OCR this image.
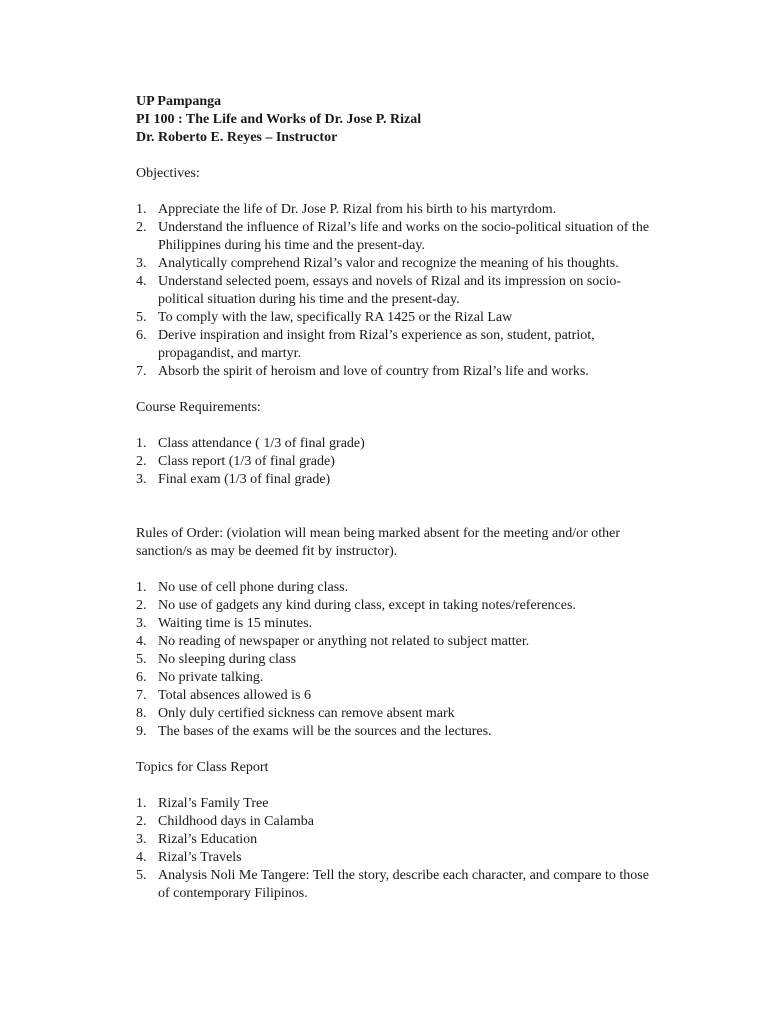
UP Pampanga
PI 100 : The Life and Works of Dr. Jose P. Rizal
Dr. Roberto E. Reyes – Instructor
Objectives:
1. Appreciate the life of Dr. Jose P. Rizal from his birth to his martyrdom.
2. Understand the influence of Rizal’s life and works on the socio-political situation of the Philippines during his time and the present-day.
3. Analytically comprehend Rizal’s valor and recognize the meaning of his thoughts.
4. Understand selected poem, essays and novels of Rizal and its impression on socio-political situation during his time and the present-day.
5. To comply with the law, specifically RA 1425 or the Rizal Law
6. Derive inspiration and insight from Rizal’s experience as son, student, patriot, propagandist, and martyr.
7. Absorb the spirit of heroism and love of country from Rizal’s life and works.
Course Requirements:
1. Class attendance ( 1/3 of final grade)
2. Class report (1/3 of final grade)
3. Final exam (1/3 of final grade)
Rules of Order: (violation will mean being marked absent for the meeting and/or other sanction/s as may be deemed fit by instructor).
1. No use of cell phone during class.
2. No use of gadgets any kind during class, except in taking notes/references.
3. Waiting time is 15 minutes.
4. No reading of newspaper or anything not related to subject matter.
5. No sleeping during class
6. No private talking.
7. Total absences allowed is 6
8. Only duly certified sickness can remove absent mark
9. The bases of the exams will be the sources and the lectures.
Topics for Class Report
1. Rizal’s Family Tree
2. Childhood days in Calamba
3. Rizal’s Education
4. Rizal’s Travels
5. Analysis Noli Me Tangere: Tell the story, describe each character, and compare to those of contemporary Filipinos.
